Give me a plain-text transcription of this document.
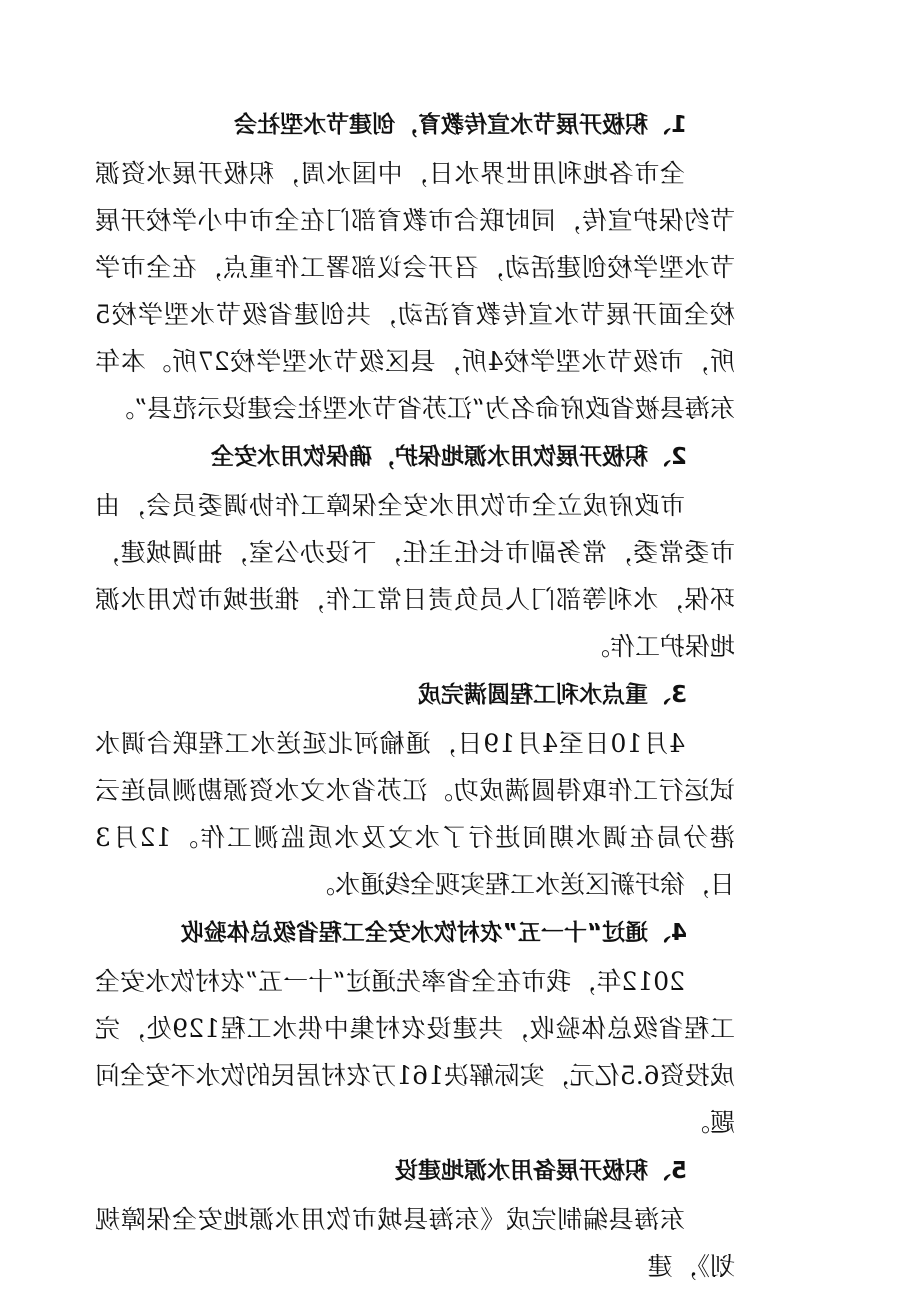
1、积极开展节水宣传教育，创建节水型社会

全市各地利用世界水日，中国水周，积极开展水资源节约保护宣传，同时联合市教育部门在全市中小学校开展节水型学校创建活动，召开会议部署工作重点，在全市学校全面开展节水宣传教育活动，共创建省级节水型学校5所，市级节水型学校4所，县区级节水型学校27所。本年东海县被省政府命名为“江苏省节水型社会建设示范县”。

2、积极开展饮用水源地保护，确保饮用水安全

市政府成立全市饮用水安全保障工作协调委员会，由市委常委，常务副市长任主任，下设办公室，抽调城建，环保，水利等部门人员负责日常工作，推进城市饮用水源地保护工作。

3、重点水利工程圆满完成

4月10日至4月19日，通榆河北延送水工程联合调水试运行工作取得圆满成功。江苏省水文水资源勘测局连云港分局在调水期间进行了水文及水质监测工作。12月3日，徐圩新区送水工程实现全线通水。

4、通过“十一五”农村饮水安全工程省级总体验收

2012年，我市在全省率先通过“十一五”农村饮水安全工程省级总体验收，共建设农村集中供水工程129处，完成投资6.5亿元，实际解决161万农村居民的饮水不安全问题。

5、积极开展备用水源地建设

东海县编制完成《东海县城市饮用水源地安全保障规划》，建
